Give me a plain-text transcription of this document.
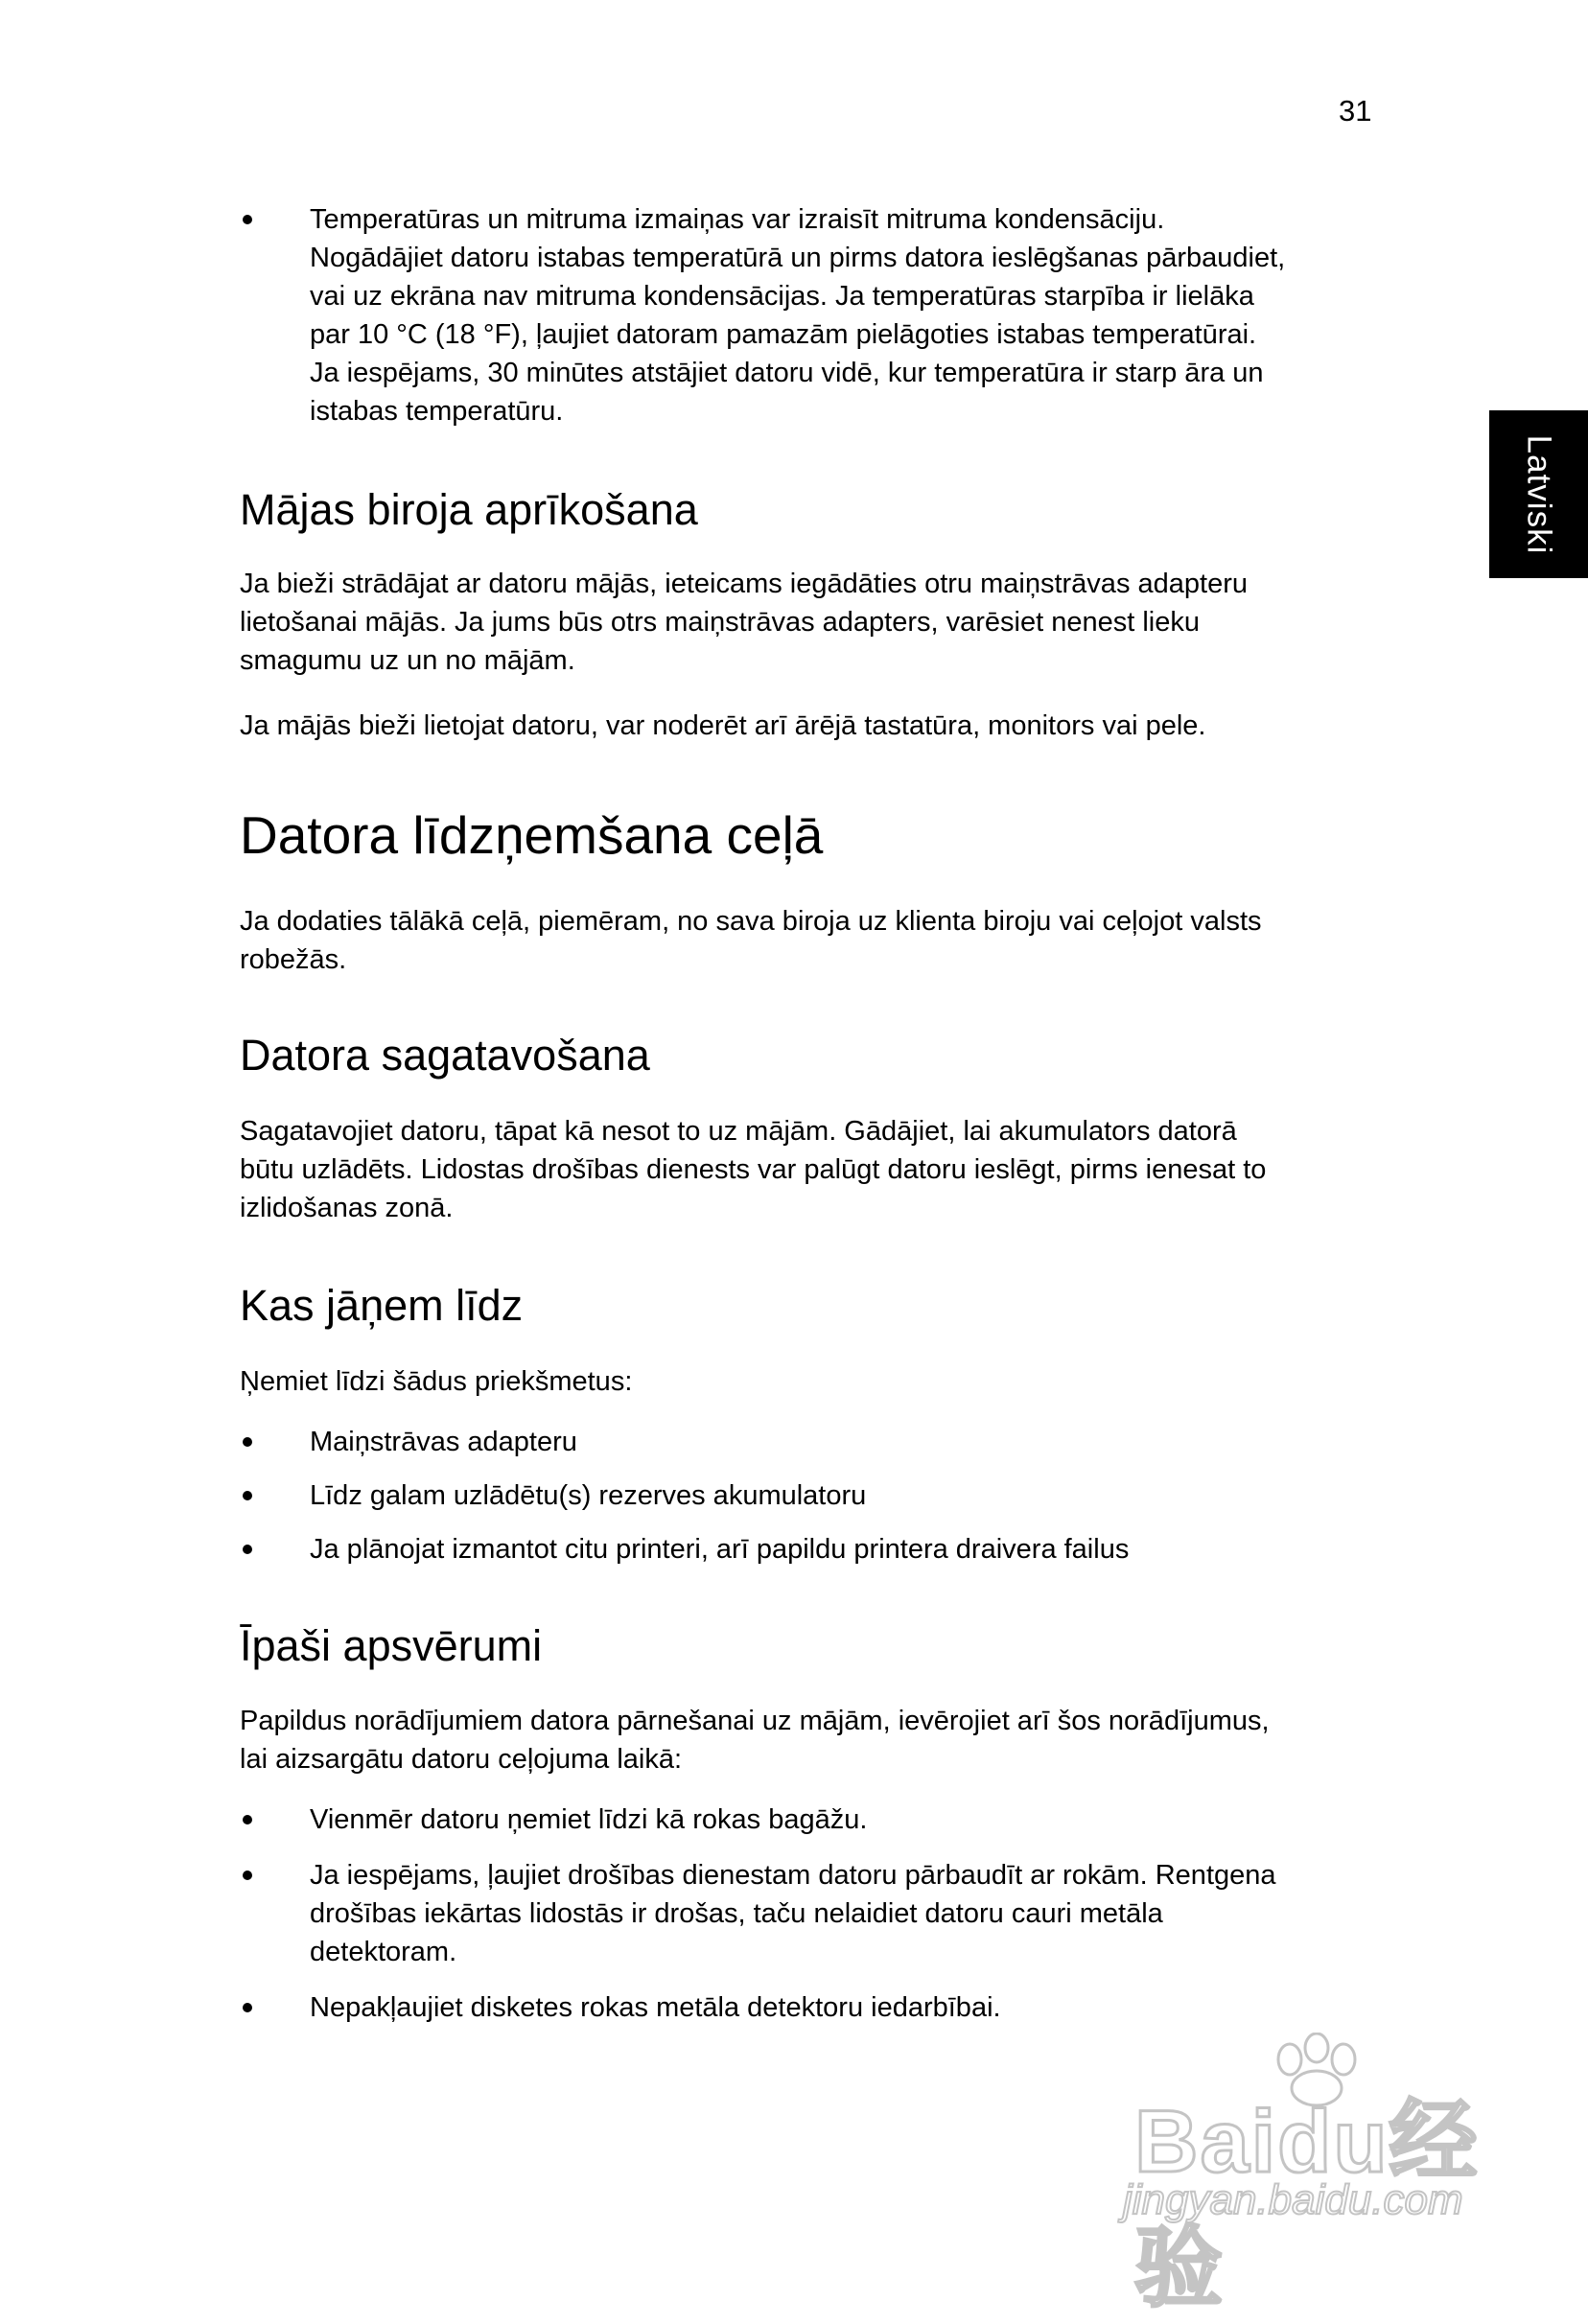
31
Latviski

Temperatūras un mitruma izmaiņas var izraisīt mitruma kondensāciju.
Nogādājiet datoru istabas temperatūrā un pirms datora ieslēgšanas pārbaudiet,
vai uz ekrāna nav mitruma kondensācijas. Ja temperatūras starpība ir lielāka
par 10 °C (18 °F), ļaujiet datoram pamazām pielāgoties istabas temperatūrai.
Ja iespējams, 30 minūtes atstājiet datoru vidē, kur temperatūra ir starp āra un
istabas temperatūru.

Mājas biroja aprīkošana

Ja bieži strādājat ar datoru mājās, ieteicams iegādāties otru maiņstrāvas adapteru
lietošanai mājās. Ja jums būs otrs maiņstrāvas adapters, varēsiet nenest lieku
smagumu uz un no mājām.

Ja mājās bieži lietojat datoru, var noderēt arī ārējā tastatūra, monitors vai pele.

Datora līdzņemšana ceļā

Ja dodaties tālākā ceļā, piemēram, no sava biroja uz klienta biroju vai ceļojot valsts
robežās.

Datora sagatavošana

Sagatavojiet datoru, tāpat kā nesot to uz mājām. Gādājiet, lai akumulators datorā
būtu uzlādēts. Lidostas drošības dienests var palūgt datoru ieslēgt, pirms ienesat to
izlidošanas zonā.

Kas jāņem līdz

Ņemiet līdzi šādus priekšmetus:

Maiņstrāvas adapteru

Līdz galam uzlādētu(s) rezerves akumulatoru

Ja plānojat izmantot citu printeri, arī papildu printera draivera failus

Īpaši apsvērumi

Papildus norādījumiem datora pārnešanai uz mājām, ievērojiet arī šos norādījumus,
lai aizsargātu datoru ceļojuma laikā:

Vienmēr datoru ņemiet līdzi kā rokas bagāžu.

Ja iespējams, ļaujiet drošības dienestam datoru pārbaudīt ar rokām. Rentgena
drošības iekārtas lidostās ir drošas, taču nelaidiet datoru cauri metāla
detektoram.

Nepakļaujiet disketes rokas metāla detektoru iedarbībai.

Baidu经验
jingyan.baidu.com
